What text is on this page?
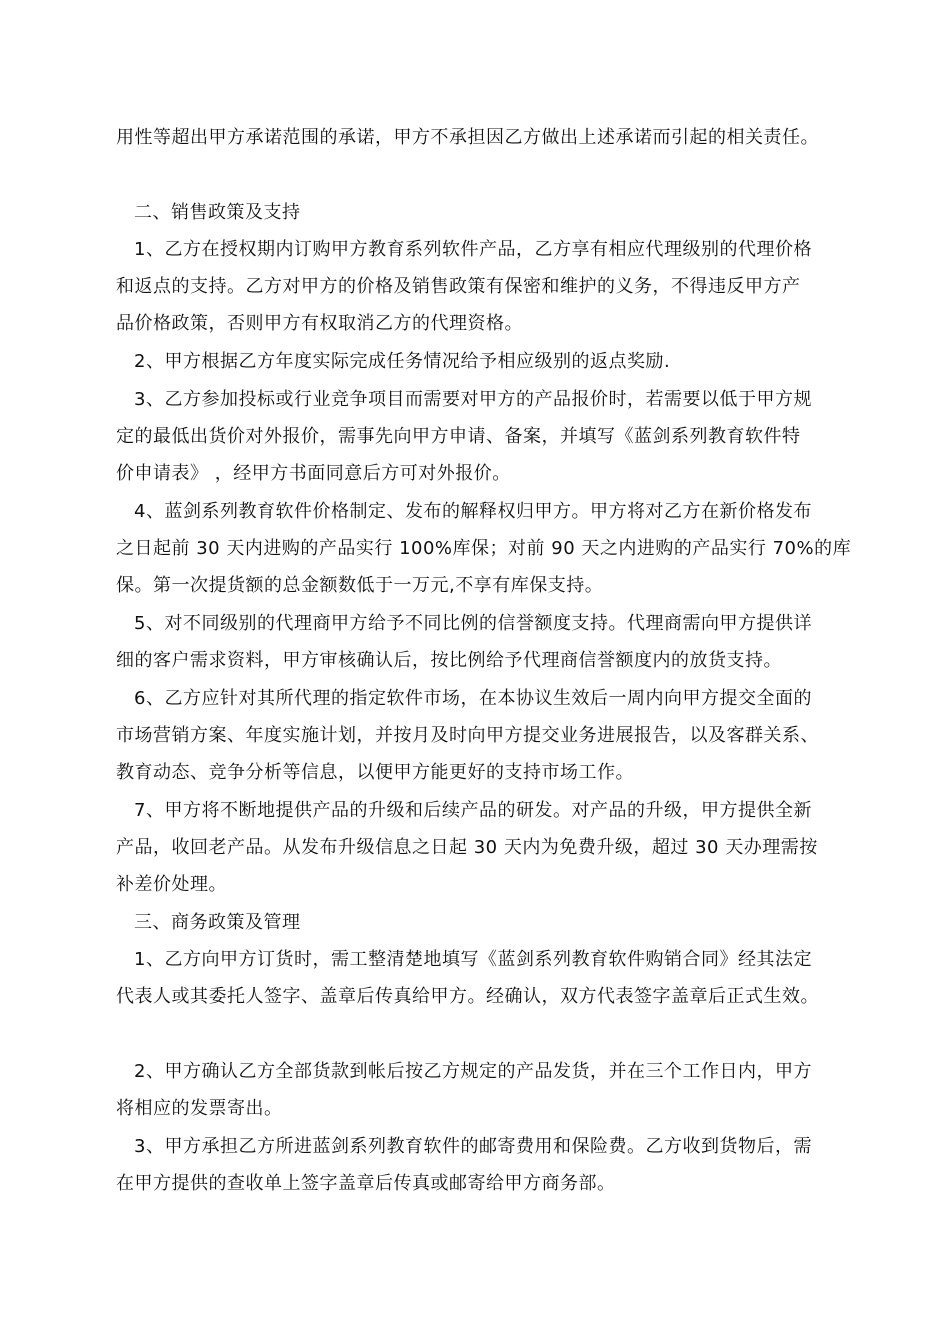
用性等超出甲方承诺范围的承诺，甲方不承担因乙方做出上述承诺而引起的相关责任。
二、销售政策及支持
1、乙方在授权期内订购甲方教育系列软件产品，乙方享有相应代理级别的代理价格
和返点的支持。乙方对甲方的价格及销售政策有保密和维护的义务，不得违反甲方产
品价格政策，否则甲方有权取消乙方的代理资格。
2、甲方根据乙方年度实际完成任务情况给予相应级别的返点奖励.
3、乙方参加投标或行业竞争项目而需要对甲方的产品报价时，若需要以低于甲方规
定的最低出货价对外报价，需事先向甲方申请、备案，并填写《蓝剑系列教育软件特
价申请表》 ，经甲方书面同意后方可对外报价。
4、蓝剑系列教育软件价格制定、发布的解释权归甲方。甲方将对乙方在新价格发布
之日起前 30 天内进购的产品实行 100%库保；对前 90 天之内进购的产品实行 70%的库
保。第一次提货额的总金额数低于一万元,不享有库保支持。
5、对不同级别的代理商甲方给予不同比例的信誉额度支持。代理商需向甲方提供详
细的客户需求资料，甲方审核确认后，按比例给予代理商信誉额度内的放货支持。
6、乙方应针对其所代理的指定软件市场，在本协议生效后一周内向甲方提交全面的
市场营销方案、年度实施计划，并按月及时向甲方提交业务进展报告，以及客群关系、
教育动态、竞争分析等信息，以便甲方能更好的支持市场工作。
7、甲方将不断地提供产品的升级和后续产品的研发。对产品的升级，甲方提供全新
产品，收回老产品。从发布升级信息之日起 30 天内为免费升级，超过 30 天办理需按
补差价处理。
三、商务政策及管理
1、乙方向甲方订货时，需工整清楚地填写《蓝剑系列教育软件购销合同》经其法定
代表人或其委托人签字、盖章后传真给甲方。经确认，双方代表签字盖章后正式生效。
2、甲方确认乙方全部货款到帐后按乙方规定的产品发货，并在三个工作日内，甲方
将相应的发票寄出。
3、甲方承担乙方所进蓝剑系列教育软件的邮寄费用和保险费。乙方收到货物后，需
在甲方提供的查收单上签字盖章后传真或邮寄给甲方商务部。
